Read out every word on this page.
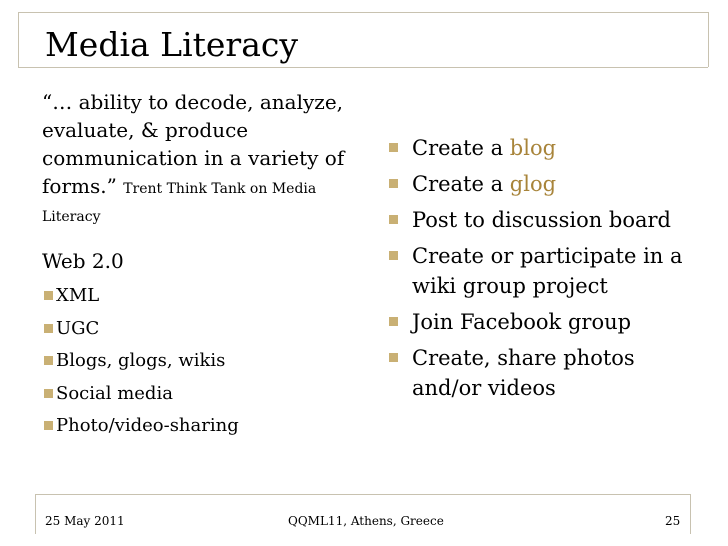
Media Literacy
“… ability to decode, analyze, evaluate, & produce communication in a variety of forms.” Trent Think Tank on Media Literacy
Web 2.0
XML
UGC
Blogs, glogs, wikis
Social media
Photo/video-sharing
Create a blog
Create a glog
Post to discussion board
Create or participate in a wiki group project
Join Facebook group
Create, share photos and/or videos
25 May 2011	QQML11, Athens, Greece	25
